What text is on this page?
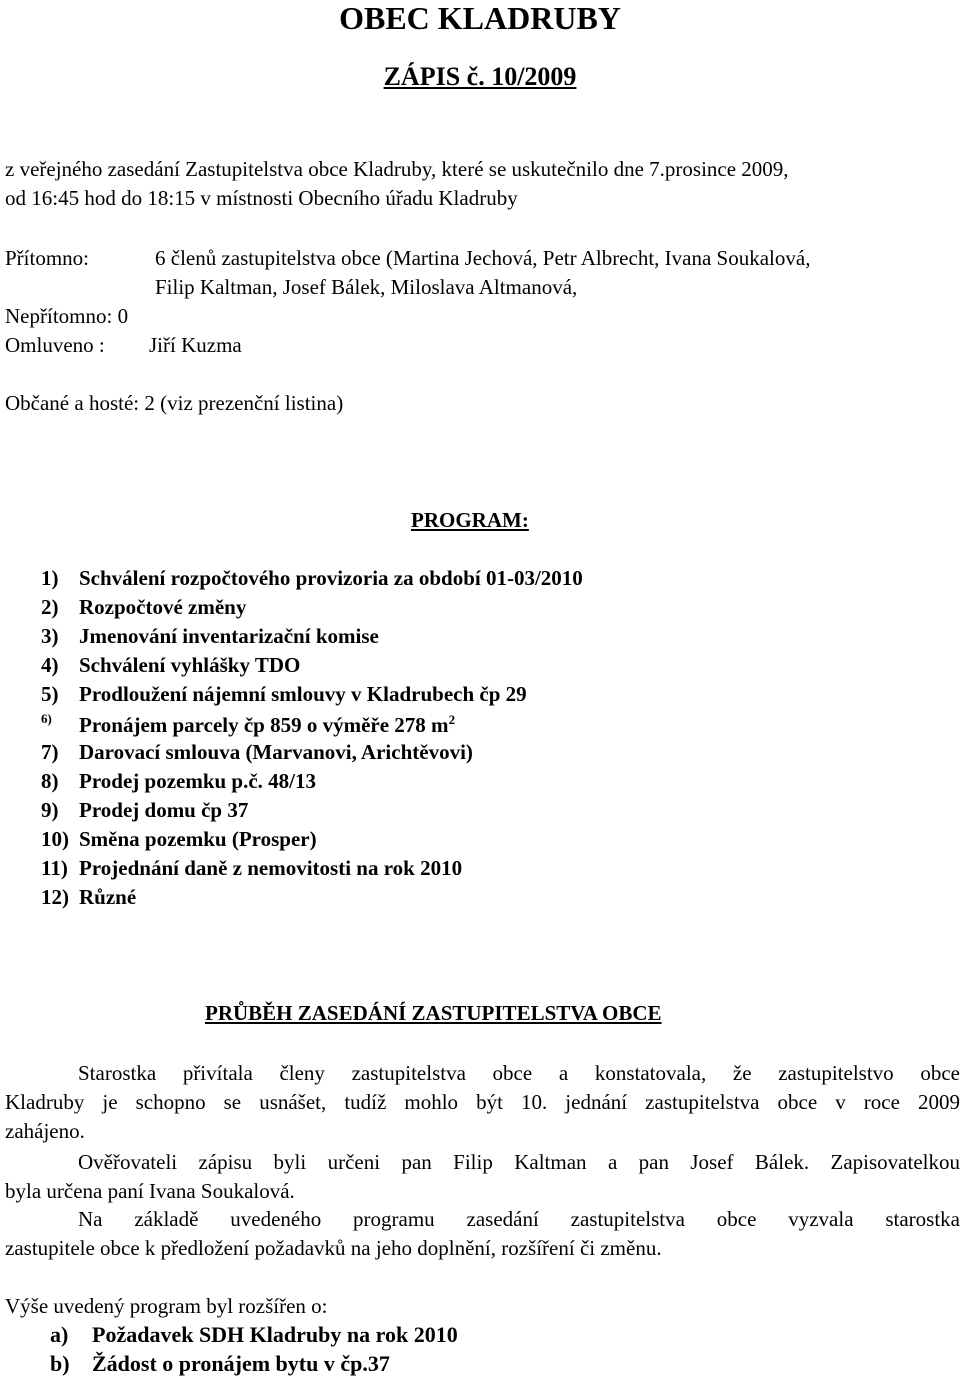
OBEC KLADRUBY
ZÁPIS č. 10/2009
z veřejného zasedání Zastupitelstva obce Kladruby, které se uskutečnilo dne 7.prosince 2009,
od 16:45 hod do 18:15 v místnosti Obecního úřadu Kladruby
Přítomno:	6 členů zastupitelstva obce (Martina Jechová, Petr Albrecht, Ivana Soukalová,
Filip Kaltman, Josef Bálek, Miloslava Altmanová,
Nepřítomno: 0
Omluveno : Jiří Kuzma
Občané a hosté: 2 (viz prezenční listina)
PROGRAM:
1) Schválení rozpočtového provizoria za období 01-03/2010
2) Rozpočtové změny
3) Jmenování inventarizační komise
4) Schválení vyhlášky TDO
5) Prodloužení nájemní smlouvy v Kladrubech čp 29
6) Pronájem parcely čp 859 o výměře 278 $m^2$
7) Darovací smlouva (Marvanovi, Arichtěvovi)
8) Prodej pozemku p.č. 48/13
9) Prodej domu čp 37
10) Směna pozemku (Prosper)
11) Projednání daně z nemovitosti na rok 2010
12) Různé
PRŮBĚH ZASEDÁNÍ ZASTUPITELSTVA OBCE
Starostka přivítala členy zastupitelstva obce a konstatovala, že zastupitelstvo obce
Kladruby je schopno se usnášet, tudíž mohlo být 10. jednání zastupitelstva obce v roce 2009
zahájeno.
Ověřovateli zápisu byli určeni pan Filip Kaltman a pan Josef Bálek. Zapisovatelkou
byla určena paní Ivana Soukalová.
Na základě uvedeného programu zasedání zastupitelstva obce vyzvala starostka
zastupitele obce k předložení požadavků na jeho doplnění, rozšíření či změnu.
Výše uvedený program byl rozšířen o:
a) Požadavek SDH Kladruby na rok 2010
b) Žádost o pronájem bytu v čp.37
